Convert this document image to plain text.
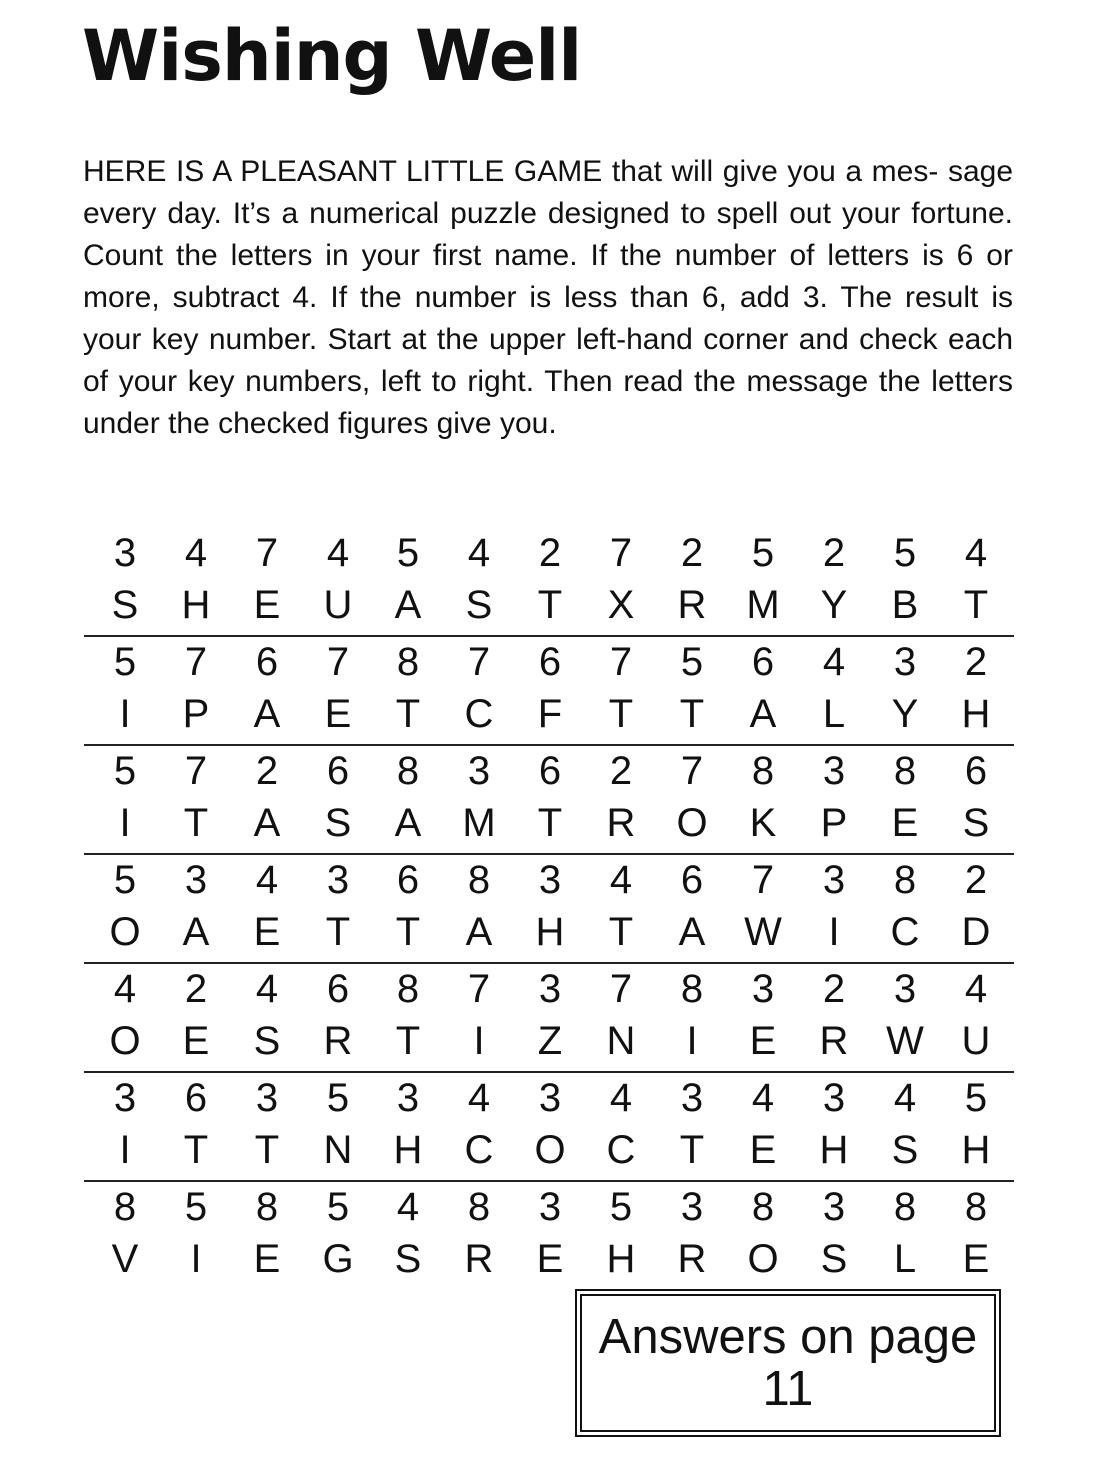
Wishing Well

HERE IS A PLEASANT LITTLE GAME that will give you a mes- sage every day. It’s a numerical puzzle designed to spell out your fortune. Count the letters in your first name. If the number of letters is 6 or more, subtract 4. If the number is less than 6, add 3. The result is your key number. Start at the upper left-hand corner and check each of your key numbers, left to right. Then read the message the letters under the checked figures give you.

3
S
4
H
7
E
4
U
5
A
4
S
2
T
7
X
2
R
5
M
2
Y
5
B
4
T
5
I
7
P
6
A
7
E
8
T
7
C
6
F
7
T
5
T
6
A
4
L
3
Y
2
H
5
I
7
T
2
A
6
S
8
A
3
M
6
T
2
R
7
O
8
K
3
P
8
E
6
S
5
O
3
A
4
E
3
T
6
T
8
A
3
H
4
T
6
A
7
W
3
I
8
C
2
D
4
O
2
E
4
S
6
R
8
T
7
I
3
Z
7
N
8
I
3
E
2
R
3
W
4
U
3
I
6
T
3
T
5
N
3
H
4
C
3
O
4
C
3
T
4
E
3
H
4
S
5
H
8
V
5
I
8
E
5
G
4
S
8
R
3
E
5
H
3
R
8
O
3
S
8
L
8
E
Answers on page
11
